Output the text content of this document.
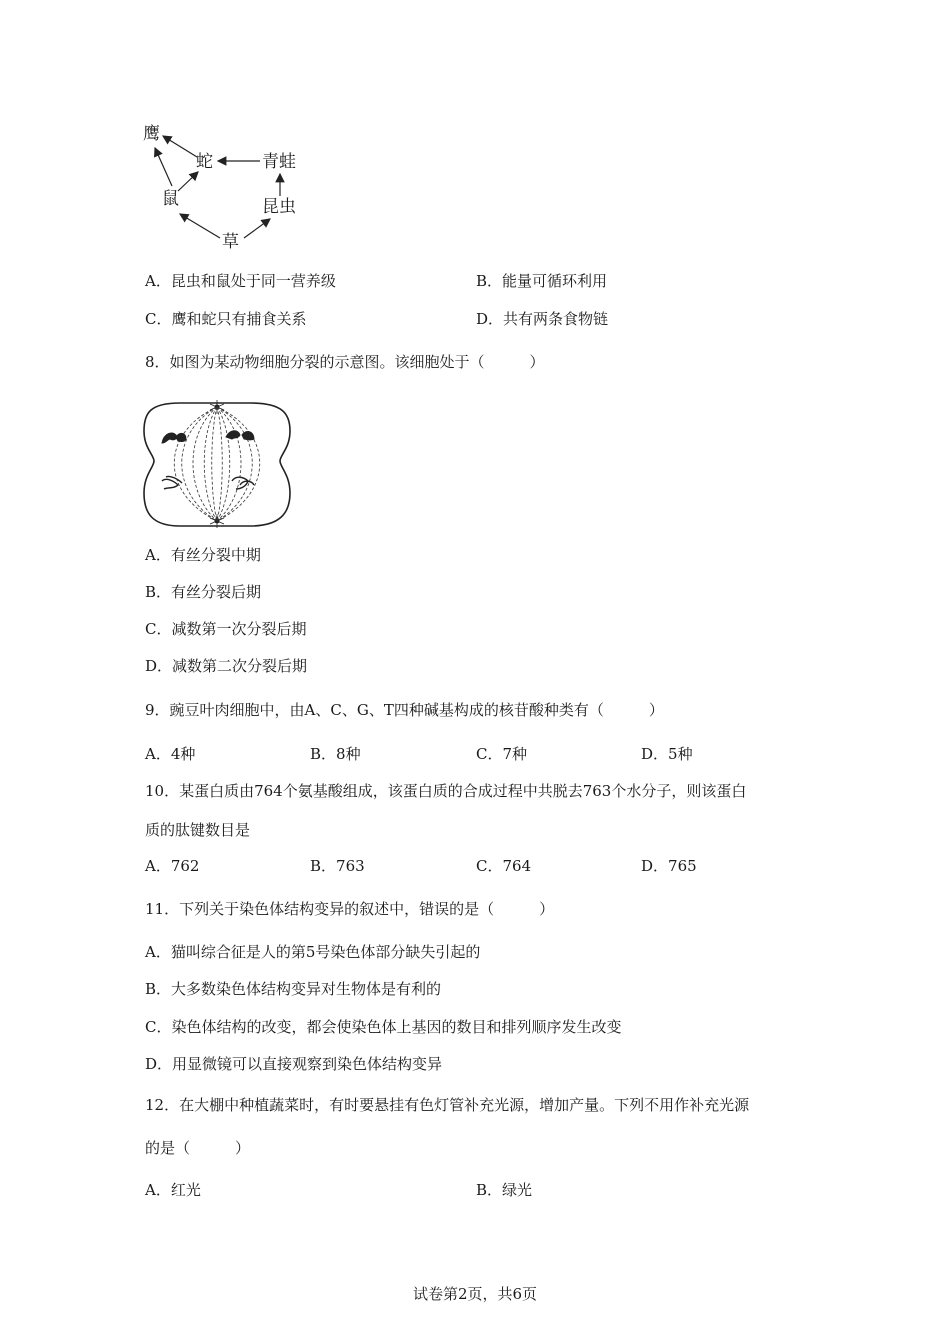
鹰
蛇	青蛙
鼠	昆虫
草
A．昆虫和鼠处于同一营养级	B．能量可循环利用
C．鹰和蛇只有捕食关系	D．共有两条食物链
8．如图为某动物细胞分裂的示意图。该细胞处于（　　　）
A．有丝分裂中期
B．有丝分裂后期
C．减数第一次分裂后期
D．减数第二次分裂后期
9．豌豆叶肉细胞中，由A、C、G、T四种碱基构成的核苷酸种类有（　　　）
A．4种	B．8种	C．7种	D．5种
10．某蛋白质由764个氨基酸组成，该蛋白质的合成过程中共脱去763个水分子，则该蛋白
质的肽键数目是
A．762	B．763	C．764	D．765
11．下列关于染色体结构变异的叙述中，错误的是（　　　）
A．猫叫综合征是人的第5号染色体部分缺失引起的
B．大多数染色体结构变异对生物体是有利的
C．染色体结构的改变，都会使染色体上基因的数目和排列顺序发生改变
D．用显微镜可以直接观察到染色体结构变异
12．在大棚中种植蔬菜时，有时要悬挂有色灯管补充光源，增加产量。下列不用作补充光源
的是（　　　）
A．红光	B．绿光
试卷第2页，共6页
